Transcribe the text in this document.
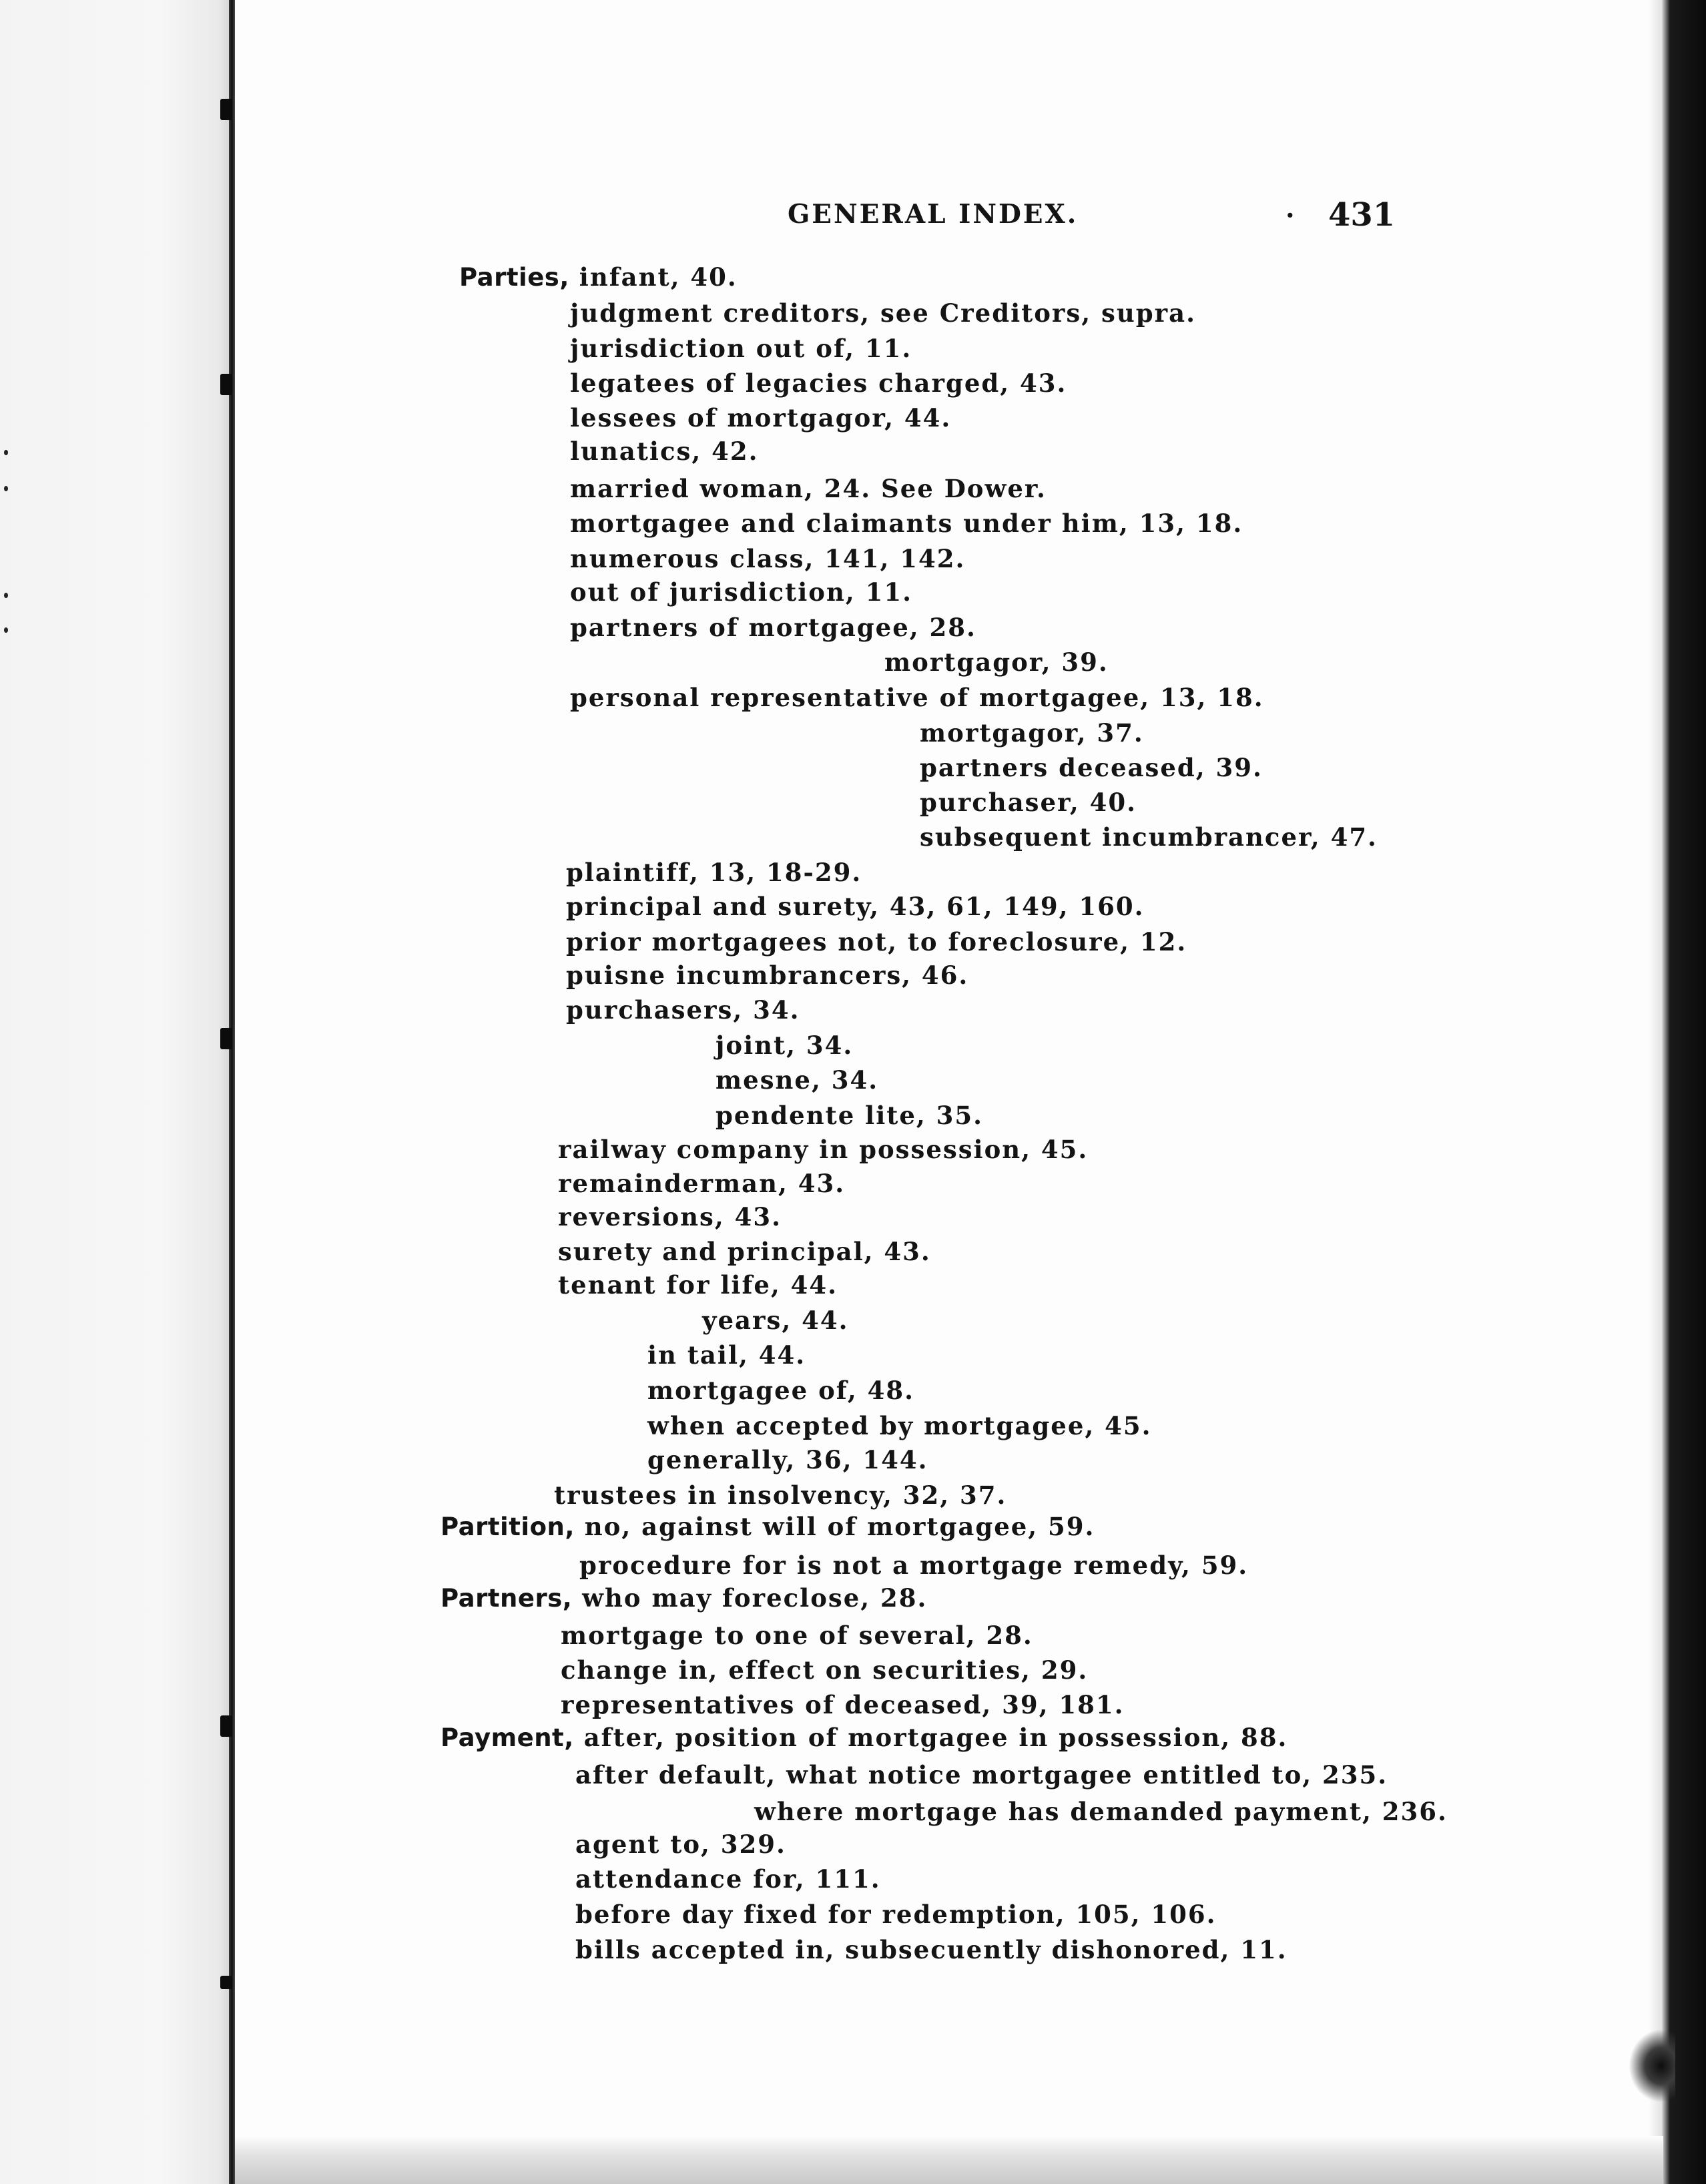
GENERAL INDEX.	· 431
Parties, infant, 40.
judgment creditors, see Creditors, supra.
jurisdiction out of, 11.
legatees of legacies charged, 43.
lessees of mortgagor, 44.
lunatics, 42.
married woman, 24. See Dower.
mortgagee and claimants under him, 13, 18.
numerous class, 141, 142.
out of jurisdiction, 11.
partners of mortgagee, 28.
mortgagor, 39.
personal representative of mortgagee, 13, 18.
mortgagor, 37.
partners deceased, 39.
purchaser, 40.
subsequent incumbrancer, 47.
plaintiff, 13, 18-29.
principal and surety, 43, 61, 149, 160.
prior mortgagees not, to foreclosure, 12.
puisne incumbrancers, 46.
purchasers, 34.
joint, 34.
mesne, 34.
pendente lite, 35.
railway company in possession, 45.
remainderman, 43.
reversions, 43.
surety and principal, 43.
tenant for life, 44.
years, 44.
in tail, 44.
mortgagee of, 48.
when accepted by mortgagee, 45.
generally, 36, 144.
trustees in insolvency, 32, 37.
Partition, no, against will of mortgagee, 59.
procedure for is not a mortgage remedy, 59.
Partners, who may foreclose, 28.
mortgage to one of several, 28.
change in, effect on securities, 29.
representatives of deceased, 39, 181.
Payment, after, position of mortgagee in possession, 88.
after default, what notice mortgagee entitled to, 235.
where mortgage has demanded payment, 236.
agent to, 329.
attendance for, 111.
before day fixed for redemption, 105, 106.
bills accepted in, subsecuently dishonored, 11.
